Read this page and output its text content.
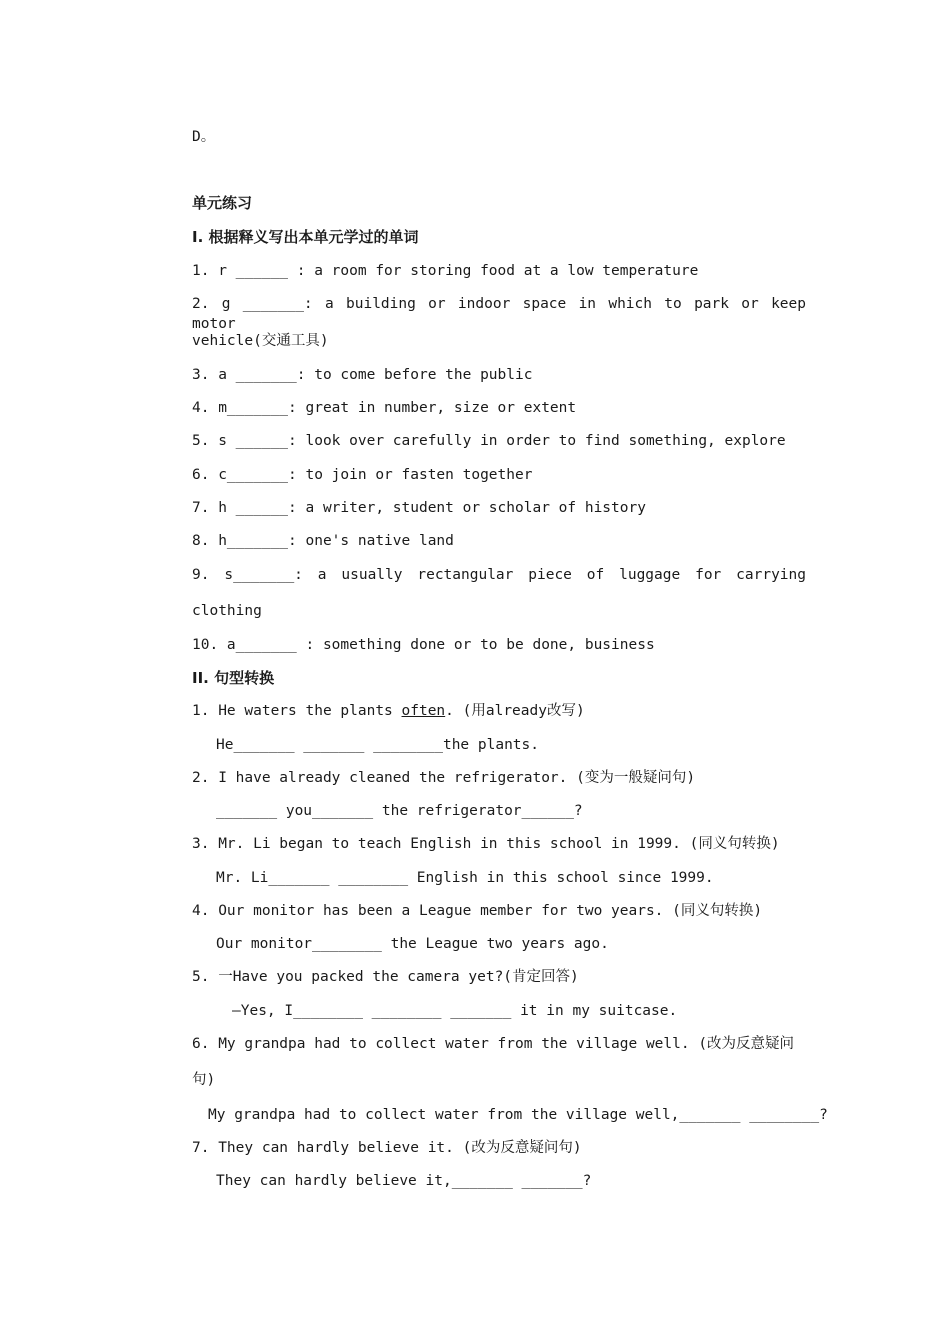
D。
单元练习
I. 根据释义写出本单元学过的单词
1. r ______ : a room for storing food at a low temperature
2. g _______: a building or indoor space in which to park or keep motor
vehicle(交通工具)
3. a _______: to come before the public
4. m_______: great in number, size or extent
5. s ______: look over carefully in order to find something, explore
6. c_______: to join or fasten together
7. h ______: a writer, student or scholar of history
8. h_______: one's native land
9. s_______: a usually rectangular piece of luggage for carrying
clothing
10. a_______ : something done or to be done, business
II. 句型转换
1. He waters the plants often. (用already改写)
He_______ _______ ________the plants.
2. I have already cleaned the refrigerator. (变为一般疑问句)
_______ you_______ the refrigerator______?
3. Mr. Li began to teach English in this school in 1999. (同义句转换)
Mr. Li_______ ________ English in this school since 1999.
4. Our monitor has been a League member for two years. (同义句转换)
Our monitor________ the League two years ago.
5. 一Have you packed the camera yet?(肯定回答)
—Yes, I________ ________ _______ it in my suitcase.
6. My grandpa had to collect water from the village well. (改为反意疑问
句)
My grandpa had to collect water from the village well,_______ ________?
7. They can hardly believe it. (改为反意疑问句)
They can hardly believe it,_______ _______?
